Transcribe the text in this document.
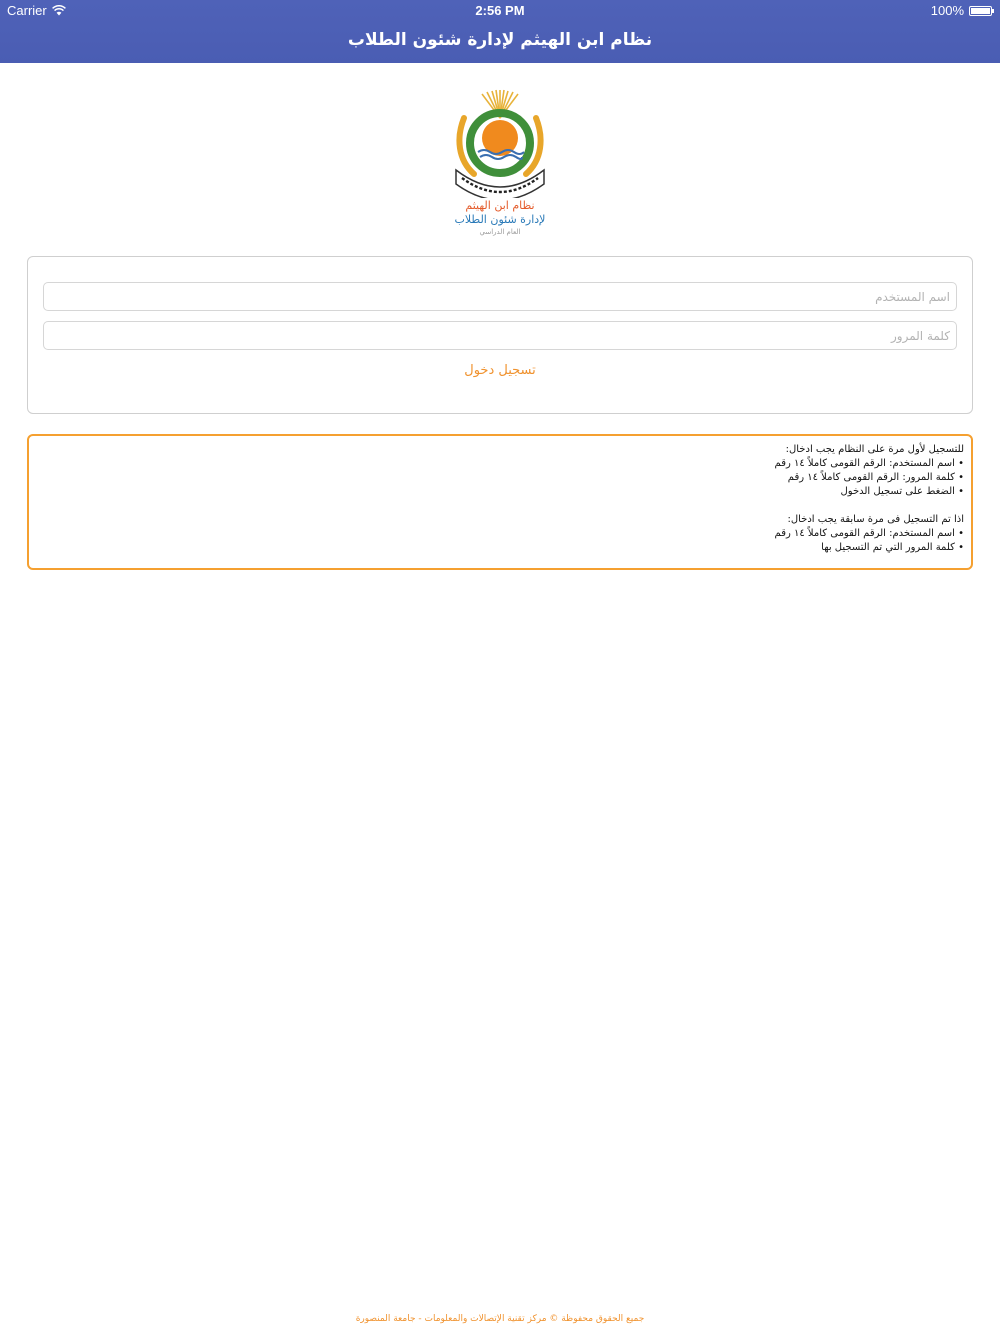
Carrier	2:56 PM	100%
نظام ابن الهيثم لإدارة شئون الطلاب
نظام ابن الهيثم
لإدارة شئون الطلاب
العام الدراسي
اسم المستخدم
تسجيل دخول

للتسجيل لأول مرة على النظام يجب ادخال:

• اسم المستخدم: الرقم القومى كاملاً ١٤ رقم
• كلمة المرور: الرقم القومى كاملاً ١٤ رقم
• الضغط على تسجيل الدخول

اذا تم التسجيل فى مرة سابقة يجب ادخال:

• اسم المستخدم: الرقم القومى كاملاً ١٤ رقم
• كلمة المرور التي تم التسجيل بها
جميع الحقوق محفوظة © مركز تقنية الإتصالات والمعلومات - جامعة المنصورة
